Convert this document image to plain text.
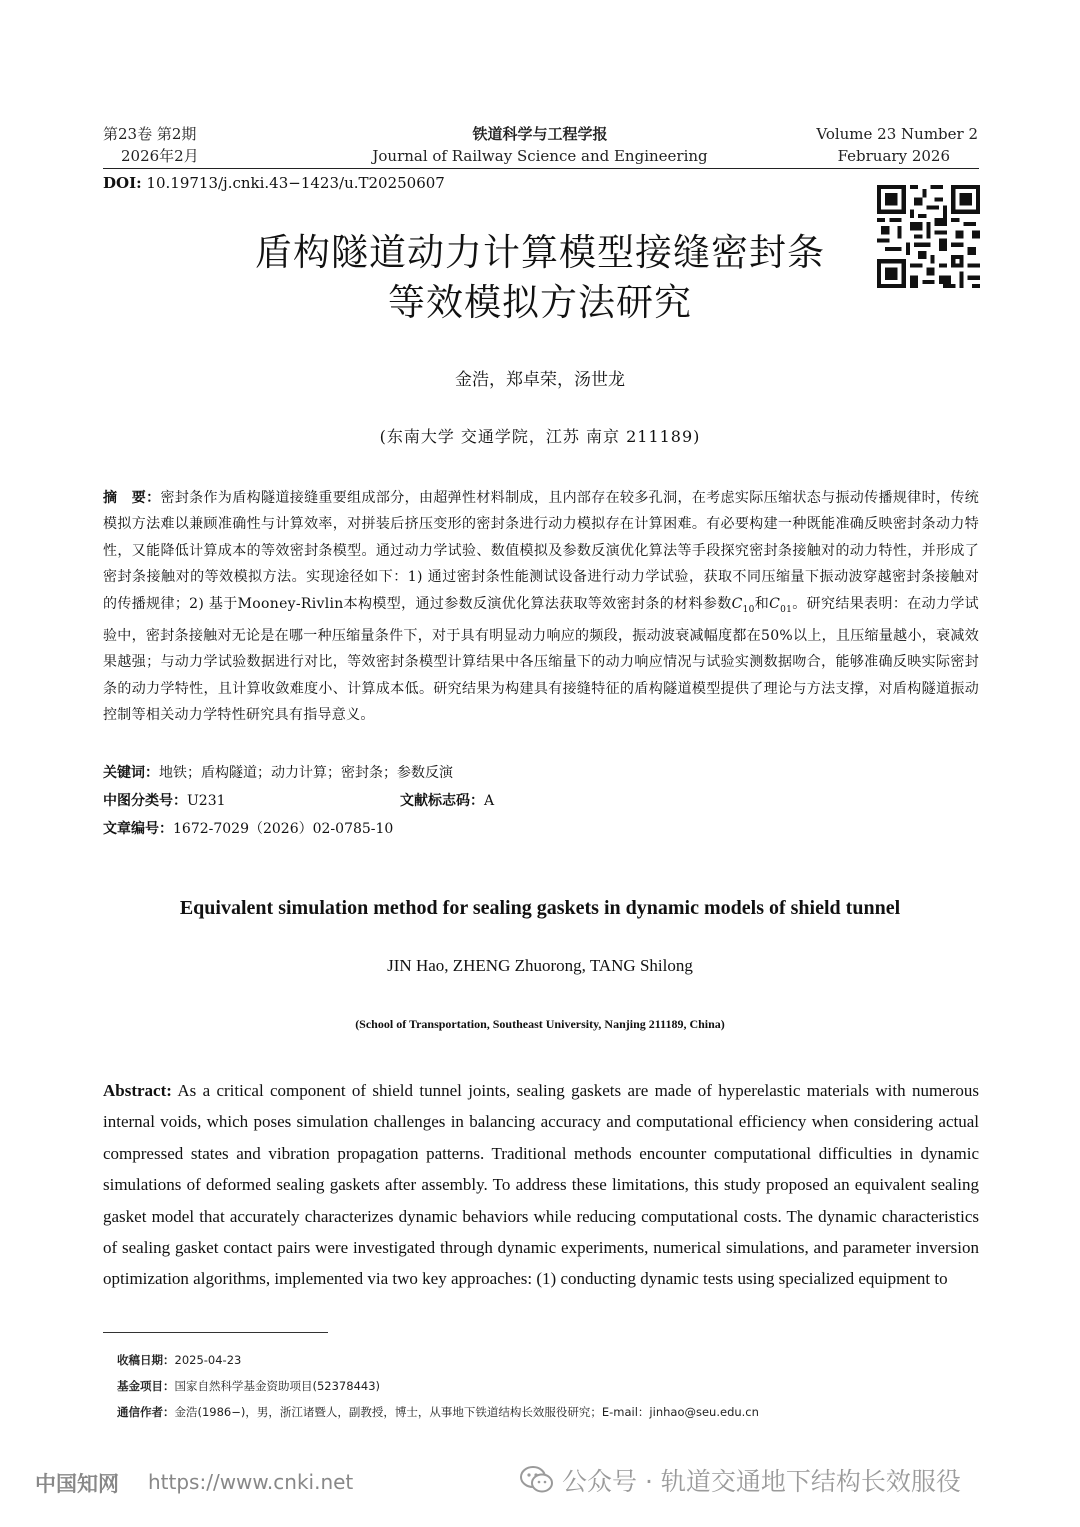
第23卷 第2期
2026年2月
铁道科学与工程学报
Journal of Railway Science and Engineering
Volume 23 Number 2
February 2026
DOI: 10.19713/j.cnki.43−1423/u.T20250607
盾构隧道动力计算模型接缝密封条
等效模拟方法研究
金浩，郑卓荣，汤世龙
(东南大学 交通学院，江苏 南京 211189)
摘　要：密封条作为盾构隧道接缝重要组成部分，由超弹性材料制成，且内部存在较多孔洞，在考虑实际压缩状态与振动传播规律时，传统模拟方法难以兼顾准确性与计算效率，对拼装后挤压变形的密封条进行动力模拟存在计算困难。有必要构建一种既能准确反映密封条动力特性，又能降低计算成本的等效密封条模型。通过动力学试验、数值模拟及参数反演优化算法等手段探究密封条接触对的动力特性，并形成了密封条接触对的等效模拟方法。实现途径如下：1) 通过密封条性能测试设备进行动力学试验，获取不同压缩量下振动波穿越密封条接触对的传播规律；2) 基于Mooney-Rivlin本构模型，通过参数反演优化算法获取等效密封条的材料参数$C_{10}$和$C_{01}$。研究结果表明：在动力学试验中，密封条接触对无论是在哪一种压缩量条件下，对于具有明显动力响应的频段，振动波衰减幅度都在50%以上，且压缩量越小，衰减效果越强；与动力学试验数据进行对比，等效密封条模型计算结果中各压缩量下的动力响应情况与试验实测数据吻合，能够准确反映实际密封条的动力学特性，且计算收敛难度小、计算成本低。研究结果为构建具有接缝特征的盾构隧道模型提供了理论与方法支撑，对盾构隧道振动控制等相关动力学特性研究具有指导意义。
关键词：地铁；盾构隧道；动力计算；密封条；参数反演
中图分类号：U231	文献标志码：A
文章编号：1672-7029（2026）02-0785-10
Equivalent simulation method for sealing gaskets in dynamic models of shield tunnel
JIN Hao, ZHENG Zhuorong, TANG Shilong
(School of Transportation, Southeast University, Nanjing 211189, China)
Abstract: As a critical component of shield tunnel joints, sealing gaskets are made of hyperelastic materials with numerous internal voids, which poses simulation challenges in balancing accuracy and computational efficiency when considering actual compressed states and vibration propagation patterns. Traditional methods encounter computational difficulties in dynamic simulations of deformed sealing gaskets after assembly. To address these limitations, this study proposed an equivalent sealing gasket model that accurately characterizes dynamic behaviors while reducing computational costs. The dynamic characteristics of sealing gasket contact pairs were investigated through dynamic experiments, numerical simulations, and parameter inversion optimization algorithms, implemented via two key approaches: (1) conducting dynamic tests using specialized equipment to
收稿日期：2025-04-23
基金项目：国家自然科学基金资助项目(52378443)
通信作者：金浩(1986−)，男，浙江诸暨人，副教授，博士，从事地下铁道结构长效服役研究；E-mail：jinhao@seu.edu.cn
中国知网 https://www.cnki.net	公众号 · 轨道交通地下结构长效服役
